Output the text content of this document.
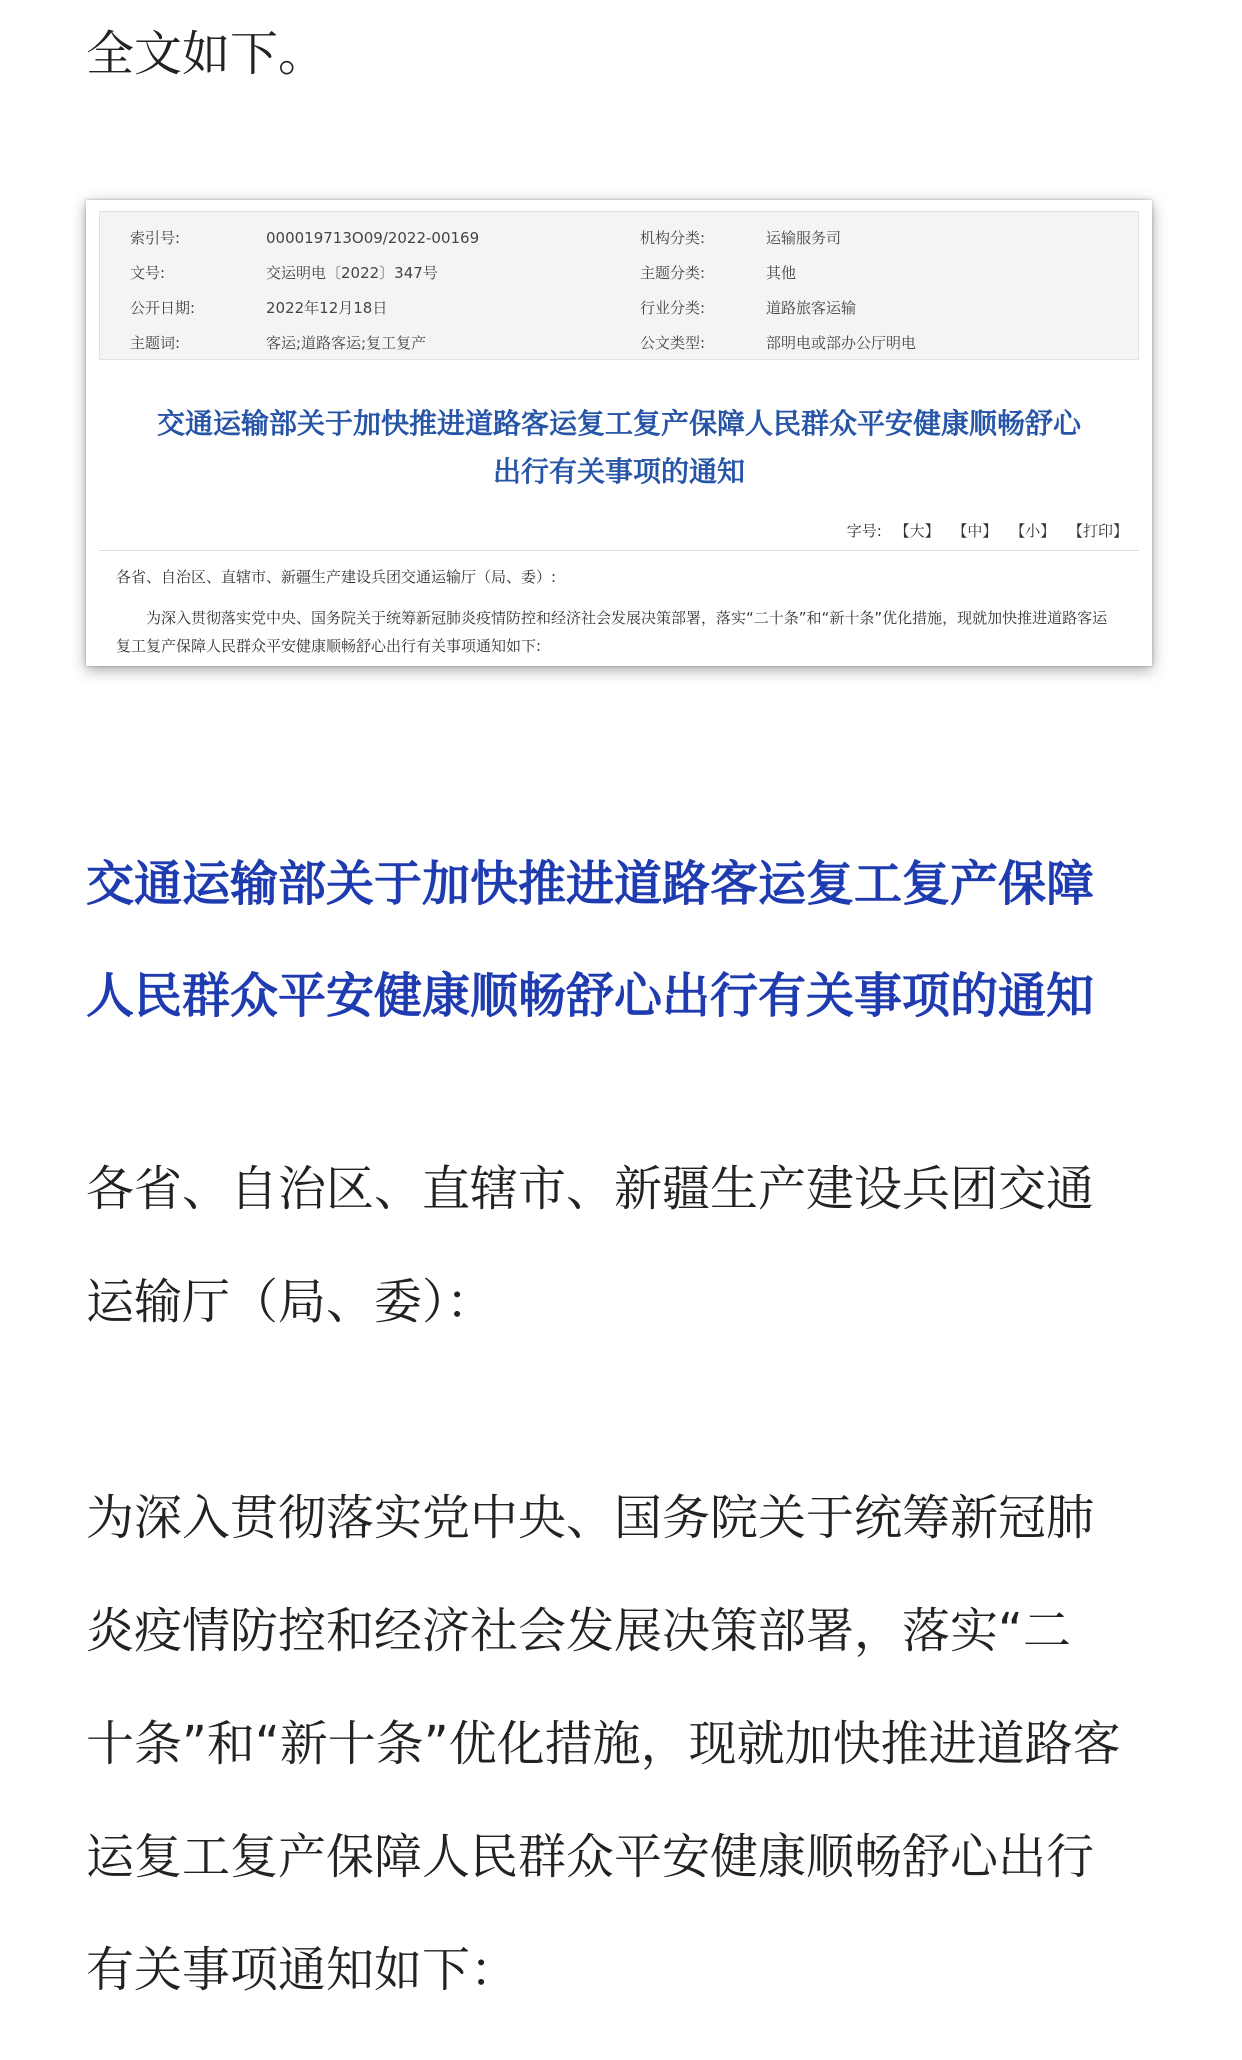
全文如下。

索引号:	000019713O09/2022-00169	机构分类:	运输服务司
文号:	交运明电〔2022〕347号	主题分类:	其他
公开日期:	2022年12月18日	行业分类:	道路旅客运输
主题词:	客运;道路客运;复工复产	公文类型:	部明电或部办公厅明电
交通运输部关于加快推进道路客运复工复产保障人民群众平安健康顺畅舒心
出行有关事项的通知
字号: 【大】 【中】 【小】 【打印】
各省、自治区、直辖市、新疆生产建设兵团交通运输厅（局、委）:
为深入贯彻落实党中央、国务院关于统筹新冠肺炎疫情防控和经济社会发展决策部署，落实“二十条”和“新十条”优化措施，现就加快推进道路客运复工复产保障人民群众平安健康顺畅舒心出行有关事项通知如下:
交通运输部关于加快推进道路客运复工复产保障
人民群众平安健康顺畅舒心出行有关事项的通知

各省、自治区、直辖市、新疆生产建设兵团交通
运输厅（局、委）：

为深入贯彻落实党中央、国务院关于统筹新冠肺
炎疫情防控和经济社会发展决策部署，落实“二
十条”和“新十条”优化措施，现就加快推进道路客
运复工复产保障人民群众平安健康顺畅舒心出行
有关事项通知如下：
